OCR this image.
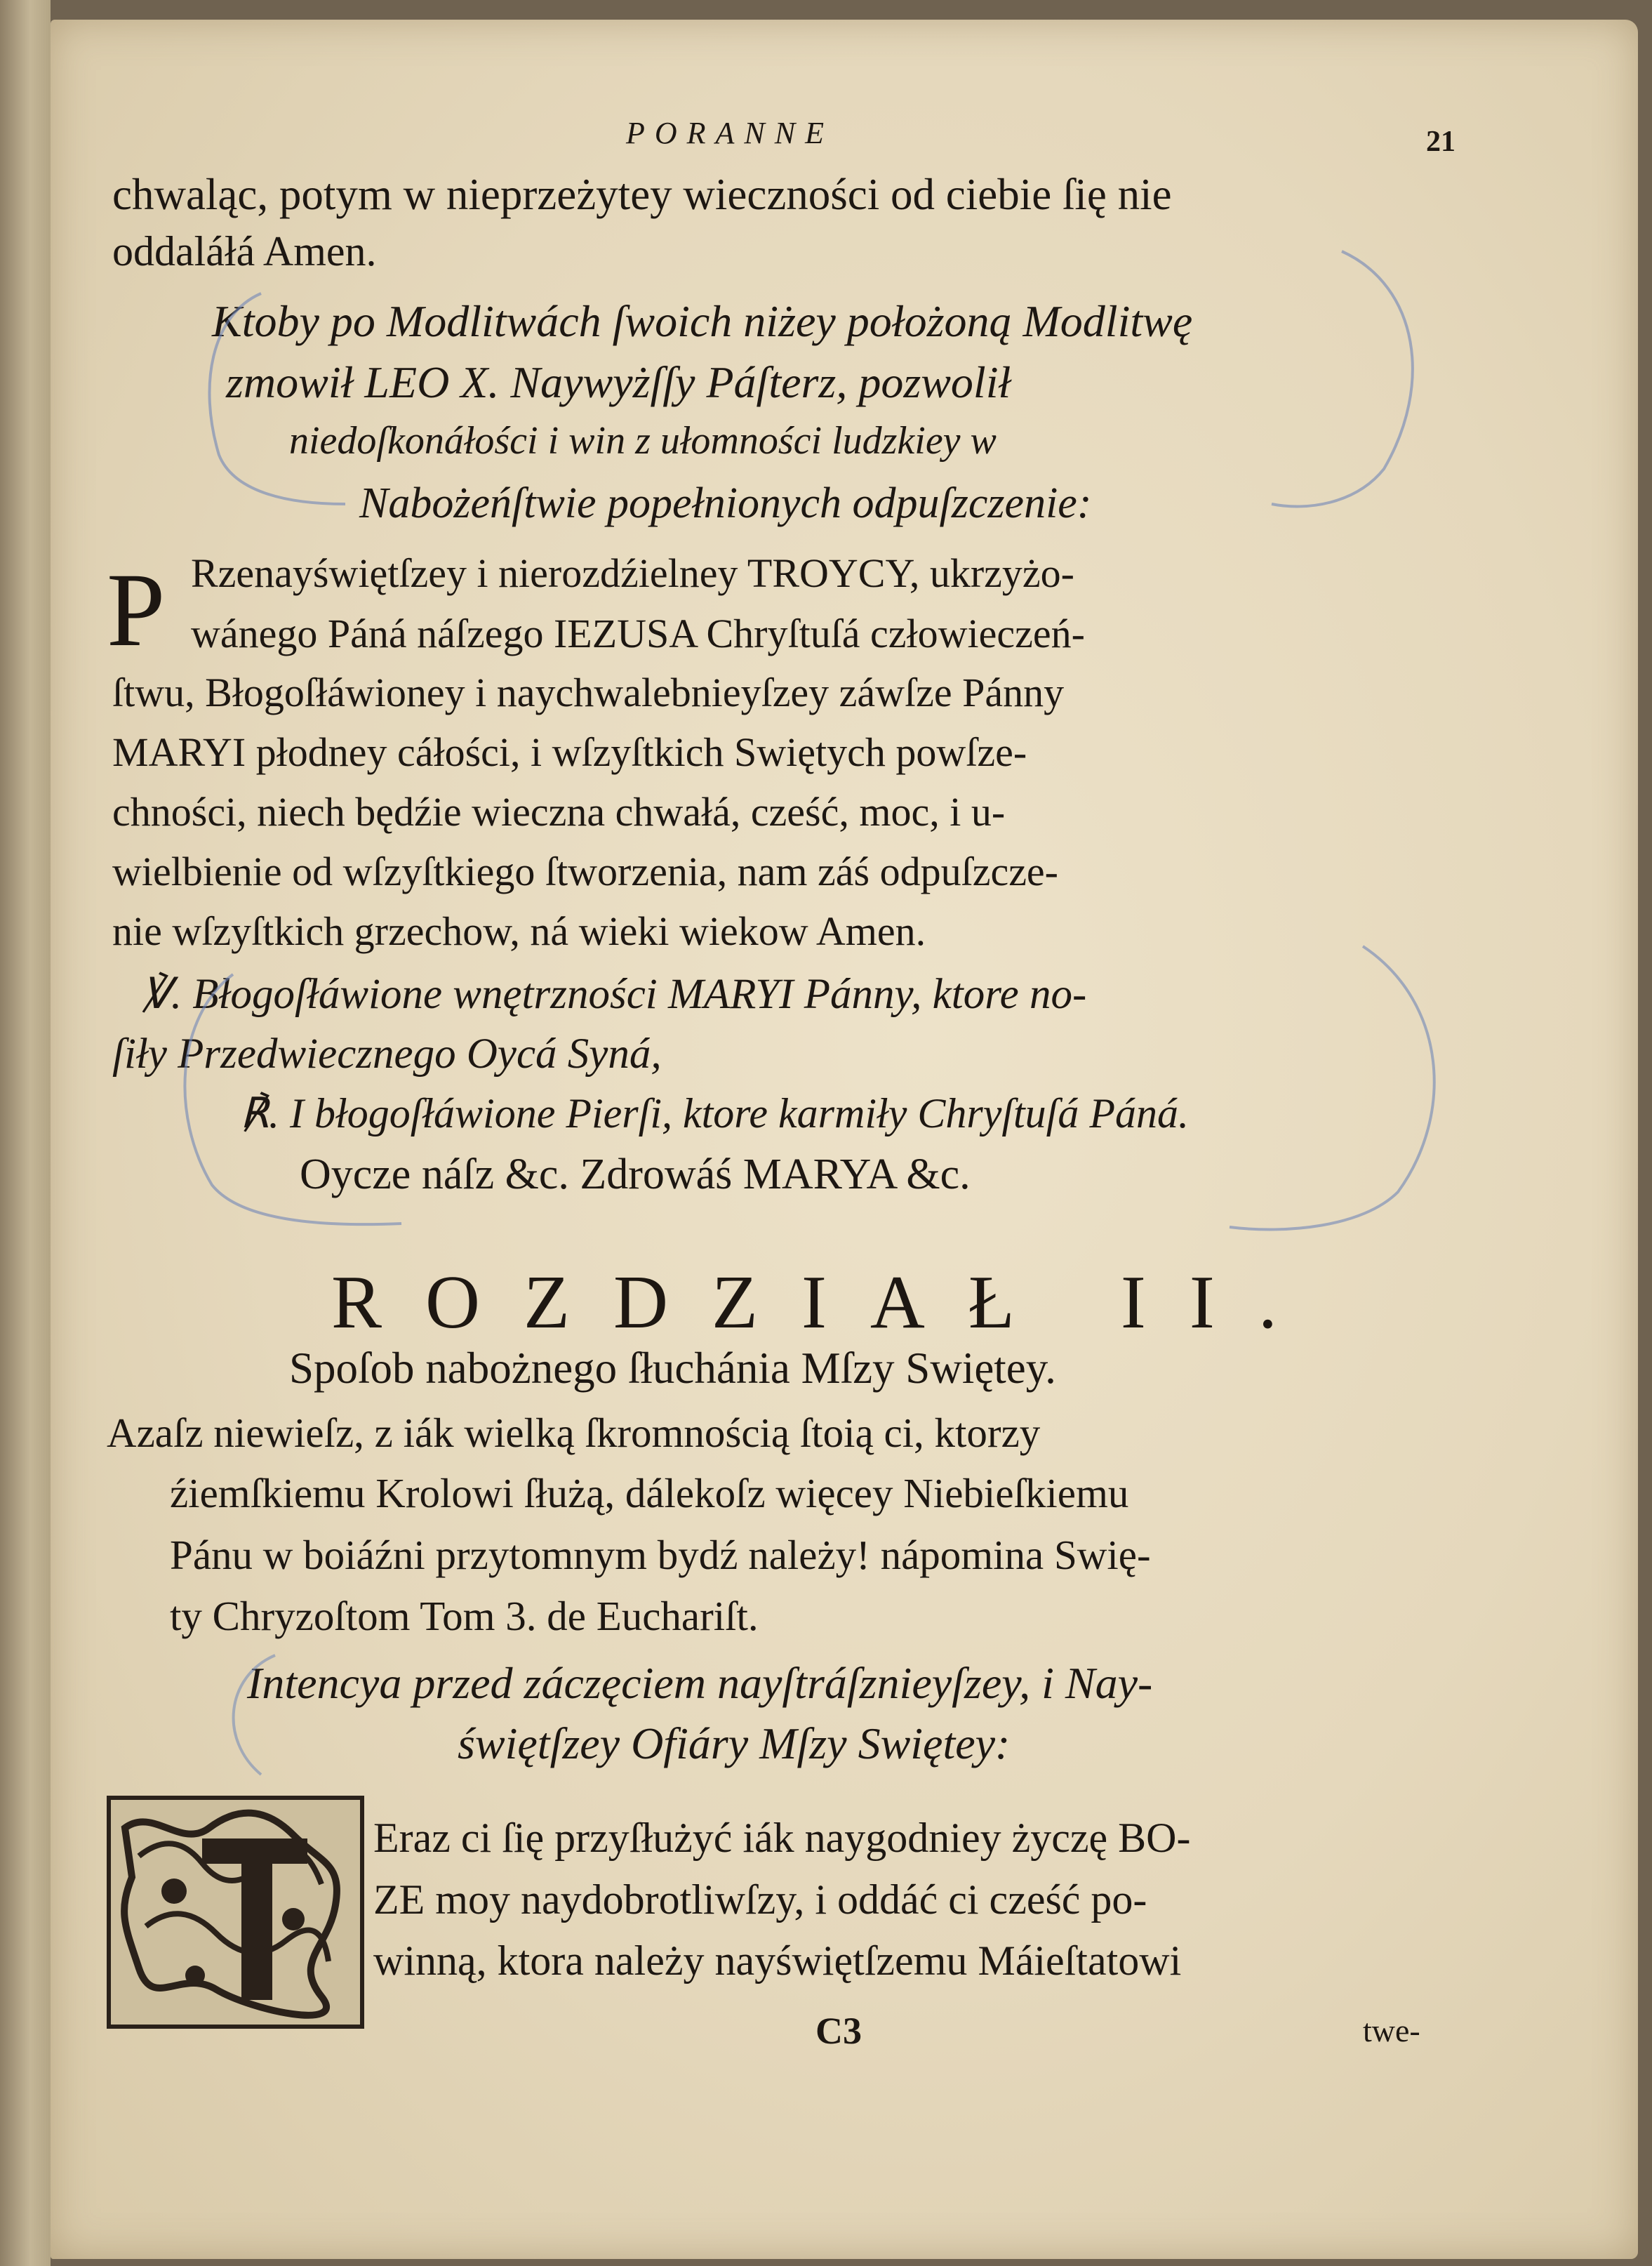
PORANNE	21
chwaląc, potym w nieprzeżytey wieczności od ciebie ſię nie
oddaláłá Amen.
Ktoby po Modlitwách ſwoich niżey położoną Modlitwę
zmowił LEO X. Naywyżſſy Páſterz, pozwolił
niedoſkonáłości i win z ułomności ludzkiey w
Nabożeńſtwie popełnionych odpuſzczenie:
P Rzenayświętſzey i nierozdźielney TROYCY, ukrzyżo-
wánego Páná náſzego IEZUSA Chryſtuſá człowieczeń-
ſtwu, Błogoſłáwioney i naychwalebnieyſzey záwſze Pánny
MARYI płodney cáłości, i wſzyſtkich Swiętych powſze-
chności, niech będźie wieczna chwałá, cześć, moc, i u-
wielbienie od wſzyſtkiego ſtworzenia, nam záś odpuſzcze-
nie wſzyſtkich grzechow, ná wieki wiekow Amen.
℣. Błogoſłáwione wnętrzności MARYI Pánny, ktore no-
ſiły Przedwiecznego Oycá Syná,
℟. I błogoſłáwione Pierſi, ktore karmiły Chryſtuſá Páná.
Oycze náſz &c. Zdrowáś MARYA &c.
ROZDZIAŁ II.
Spoſob nabożnego ſłuchánia Mſzy Swiętey.
Azaſz niewieſz, z iák wielką ſkromnością ſtoią ci, ktorzy
źiemſkiemu Krolowi ſłużą, dálekoſz więcey Niebieſkiemu
Pánu w boiáźni przytomnym bydź należy! nápomina Swię-
ty Chryzoſtom Tom 3. de Euchariſt.
Intencya przed záczęciem nayſtráſznieyſzey, i Nay-
świętſzey Ofiáry Mſzy Swiętey:
Eraz ci ſię przyſłużyć iák naygodniey życzę BO-
ZE moy naydobrotliwſzy, i oddáć ci cześć po-
winną, ktora należy nayświętſzemu Máieſtatowi
C3	twe-
